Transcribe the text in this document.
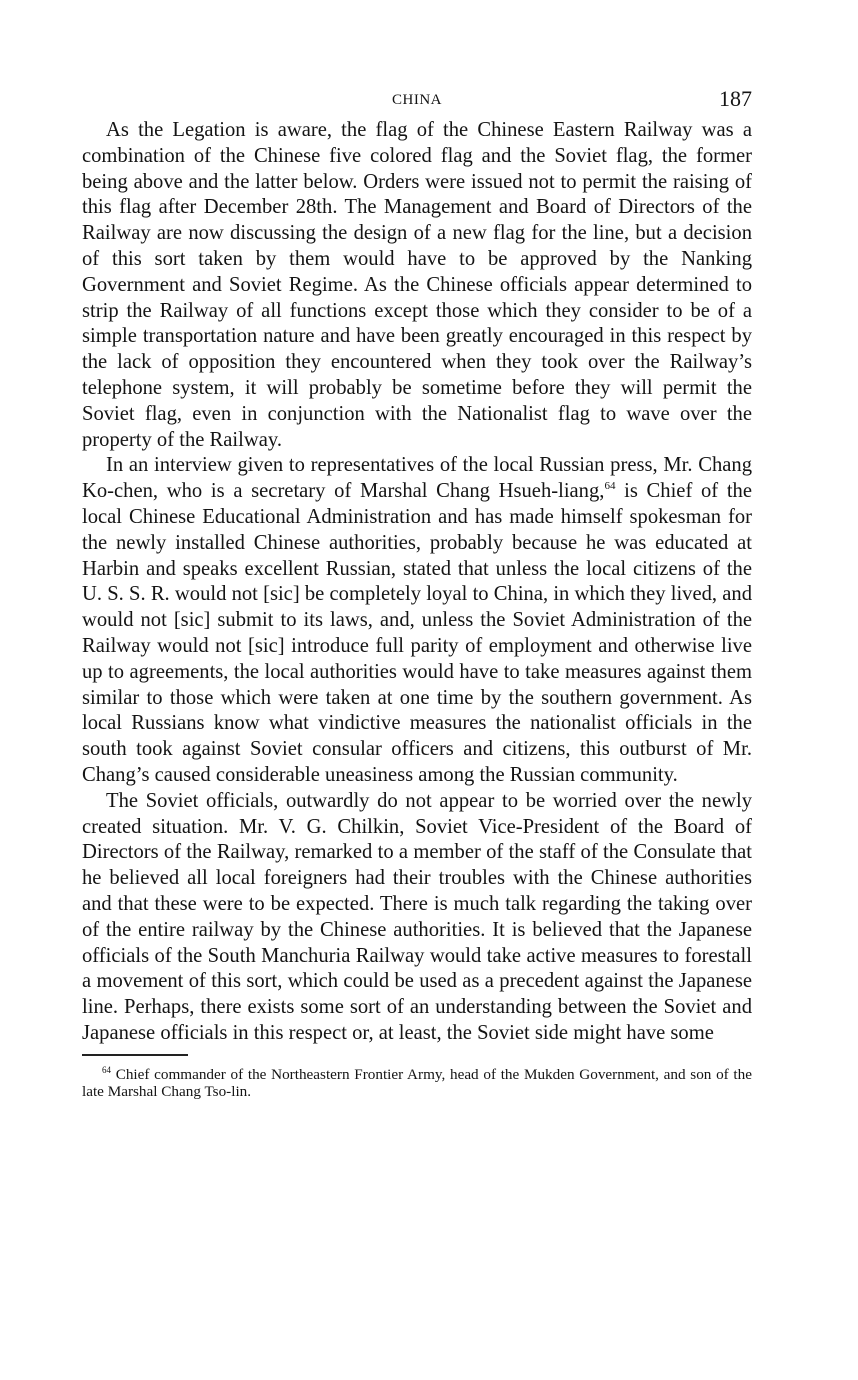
CHINA	187

As the Legation is aware, the flag of the Chinese Eastern Railway was a combination of the Chinese five colored flag and the Soviet flag, the former being above and the latter below. Orders were issued not to permit the raising of this flag after December 28th. The Management and Board of Directors of the Railway are now discussing the design of a new flag for the line, but a decision of this sort taken by them would have to be approved by the Nanking Government and Soviet Regime. As the Chinese officials appear determined to strip the Railway of all functions except those which they consider to be of a simple transportation nature and have been greatly encouraged in this respect by the lack of opposition they encountered when they took over the Railway’s telephone system, it will probably be sometime before they will permit the Soviet flag, even in conjunction with the Nationalist flag to wave over the property of the Railway.

In an interview given to representatives of the local Russian press, Mr. Chang Ko-chen, who is a secretary of Marshal Chang Hsueh-liang,$^{64}$ is Chief of the local Chinese Educational Administration and has made himself spokesman for the newly installed Chinese authorities, probably because he was educated at Harbin and speaks excellent Russian, stated that unless the local citizens of the U. S. S. R. would not [sic] be completely loyal to China, in which they lived, and would not [sic] submit to its laws, and, unless the Soviet Administration of the Railway would not [sic] introduce full parity of employment and otherwise live up to agreements, the local authorities would have to take measures against them similar to those which were taken at one time by the southern government. As local Russians know what vindictive measures the nationalist officials in the south took against Soviet consular officers and citizens, this outburst of Mr. Chang’s caused considerable uneasiness among the Russian community.

The Soviet officials, outwardly do not appear to be worried over the newly created situation. Mr. V. G. Chilkin, Soviet Vice-President of the Board of Directors of the Railway, remarked to a member of the staff of the Consulate that he believed all local foreigners had their troubles with the Chinese authorities and that these were to be expected. There is much talk regarding the taking over of the entire railway by the Chinese authorities. It is believed that the Japanese officials of the South Manchuria Railway would take active measures to forestall a movement of this sort, which could be used as a precedent against the Japanese line. Perhaps, there exists some sort of an understanding between the Soviet and Japanese officials in this respect or, at least, the Soviet side might have some

$^{64}$ Chief commander of the Northeastern Frontier Army, head of the Mukden Government, and son of the late Marshal Chang Tso-lin.
